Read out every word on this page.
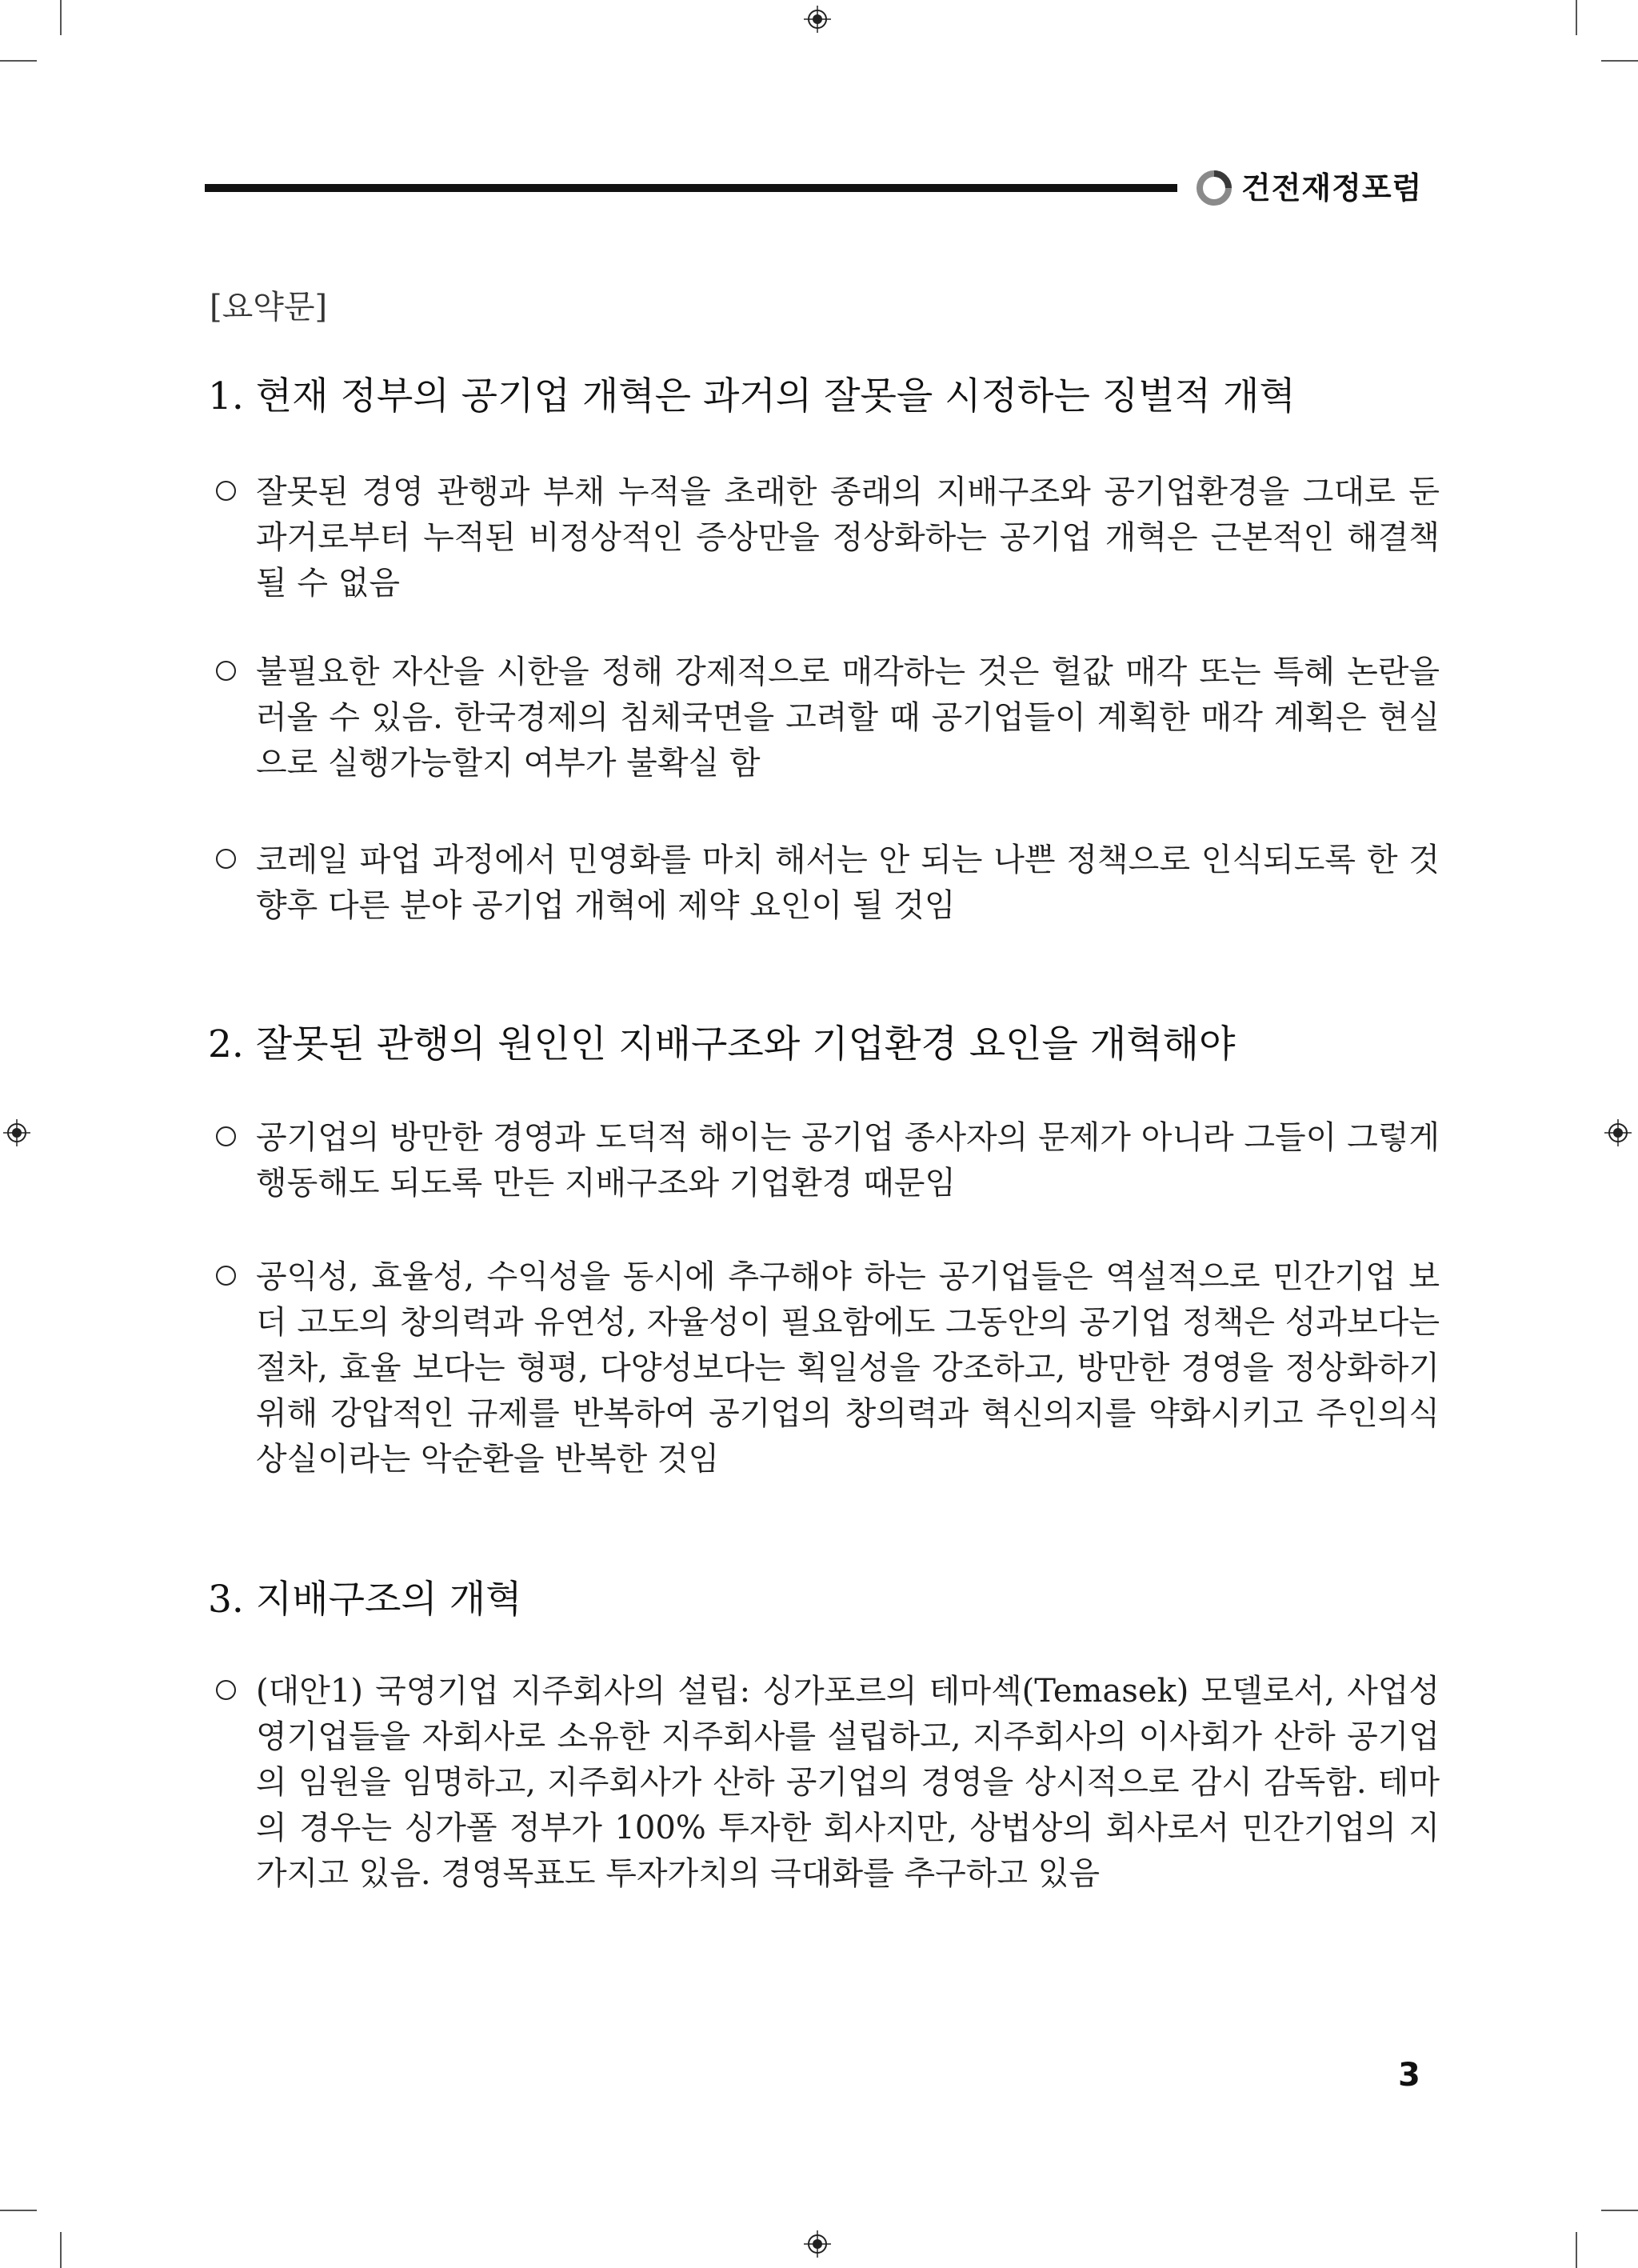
건전재정포럼
[요약문]
1. 현재 정부의 공기업 개혁은 과거의 잘못을 시정하는 징벌적 개혁
잘못된 경영 관행과 부채 누적을 초래한 종래의 지배구조와 공기업환경을 그대로 둔
과거로부터 누적된 비정상적인 증상만을 정상화하는 공기업 개혁은 근본적인 해결책
될 수 없음
불필요한 자산을 시한을 정해 강제적으로 매각하는 것은 헐값 매각 또는 특혜 논란을
러올 수 있음. 한국경제의 침체국면을 고려할 때 공기업들이 계획한 매각 계획은 현실
으로 실행가능할지 여부가 불확실 함
코레일 파업 과정에서 민영화를 마치 해서는 안 되는 나쁜 정책으로 인식되도록 한 것
향후 다른 분야 공기업 개혁에 제약 요인이 될 것임
2. 잘못된 관행의 원인인 지배구조와 기업환경 요인을 개혁해야
공기업의 방만한 경영과 도덕적 해이는 공기업 종사자의 문제가 아니라 그들이 그렇게
행동해도 되도록 만든 지배구조와 기업환경 때문임
공익성, 효율성, 수익성을 동시에 추구해야 하는 공기업들은 역설적으로 민간기업 보
더 고도의 창의력과 유연성, 자율성이 필요함에도 그동안의 공기업 정책은 성과보다는
절차, 효율 보다는 형평, 다양성보다는 획일성을 강조하고, 방만한 경영을 정상화하기
위해 강압적인 규제를 반복하여 공기업의 창의력과 혁신의지를 약화시키고 주인의식
상실이라는 악순환을 반복한 것임
3. 지배구조의 개혁
(대안1) 국영기업 지주회사의 설립: 싱가포르의 테마섹(Temasek) 모델로서, 사업성
영기업들을 자회사로 소유한 지주회사를 설립하고, 지주회사의 이사회가 산하 공기업
의 임원을 임명하고, 지주회사가 산하 공기업의 경영을 상시적으로 감시 감독함. 테마
의 경우는 싱가폴 정부가 100% 투자한 회사지만, 상법상의 회사로서 민간기업의 지
가지고 있음. 경영목표도 투자가치의 극대화를 추구하고 있음
3
